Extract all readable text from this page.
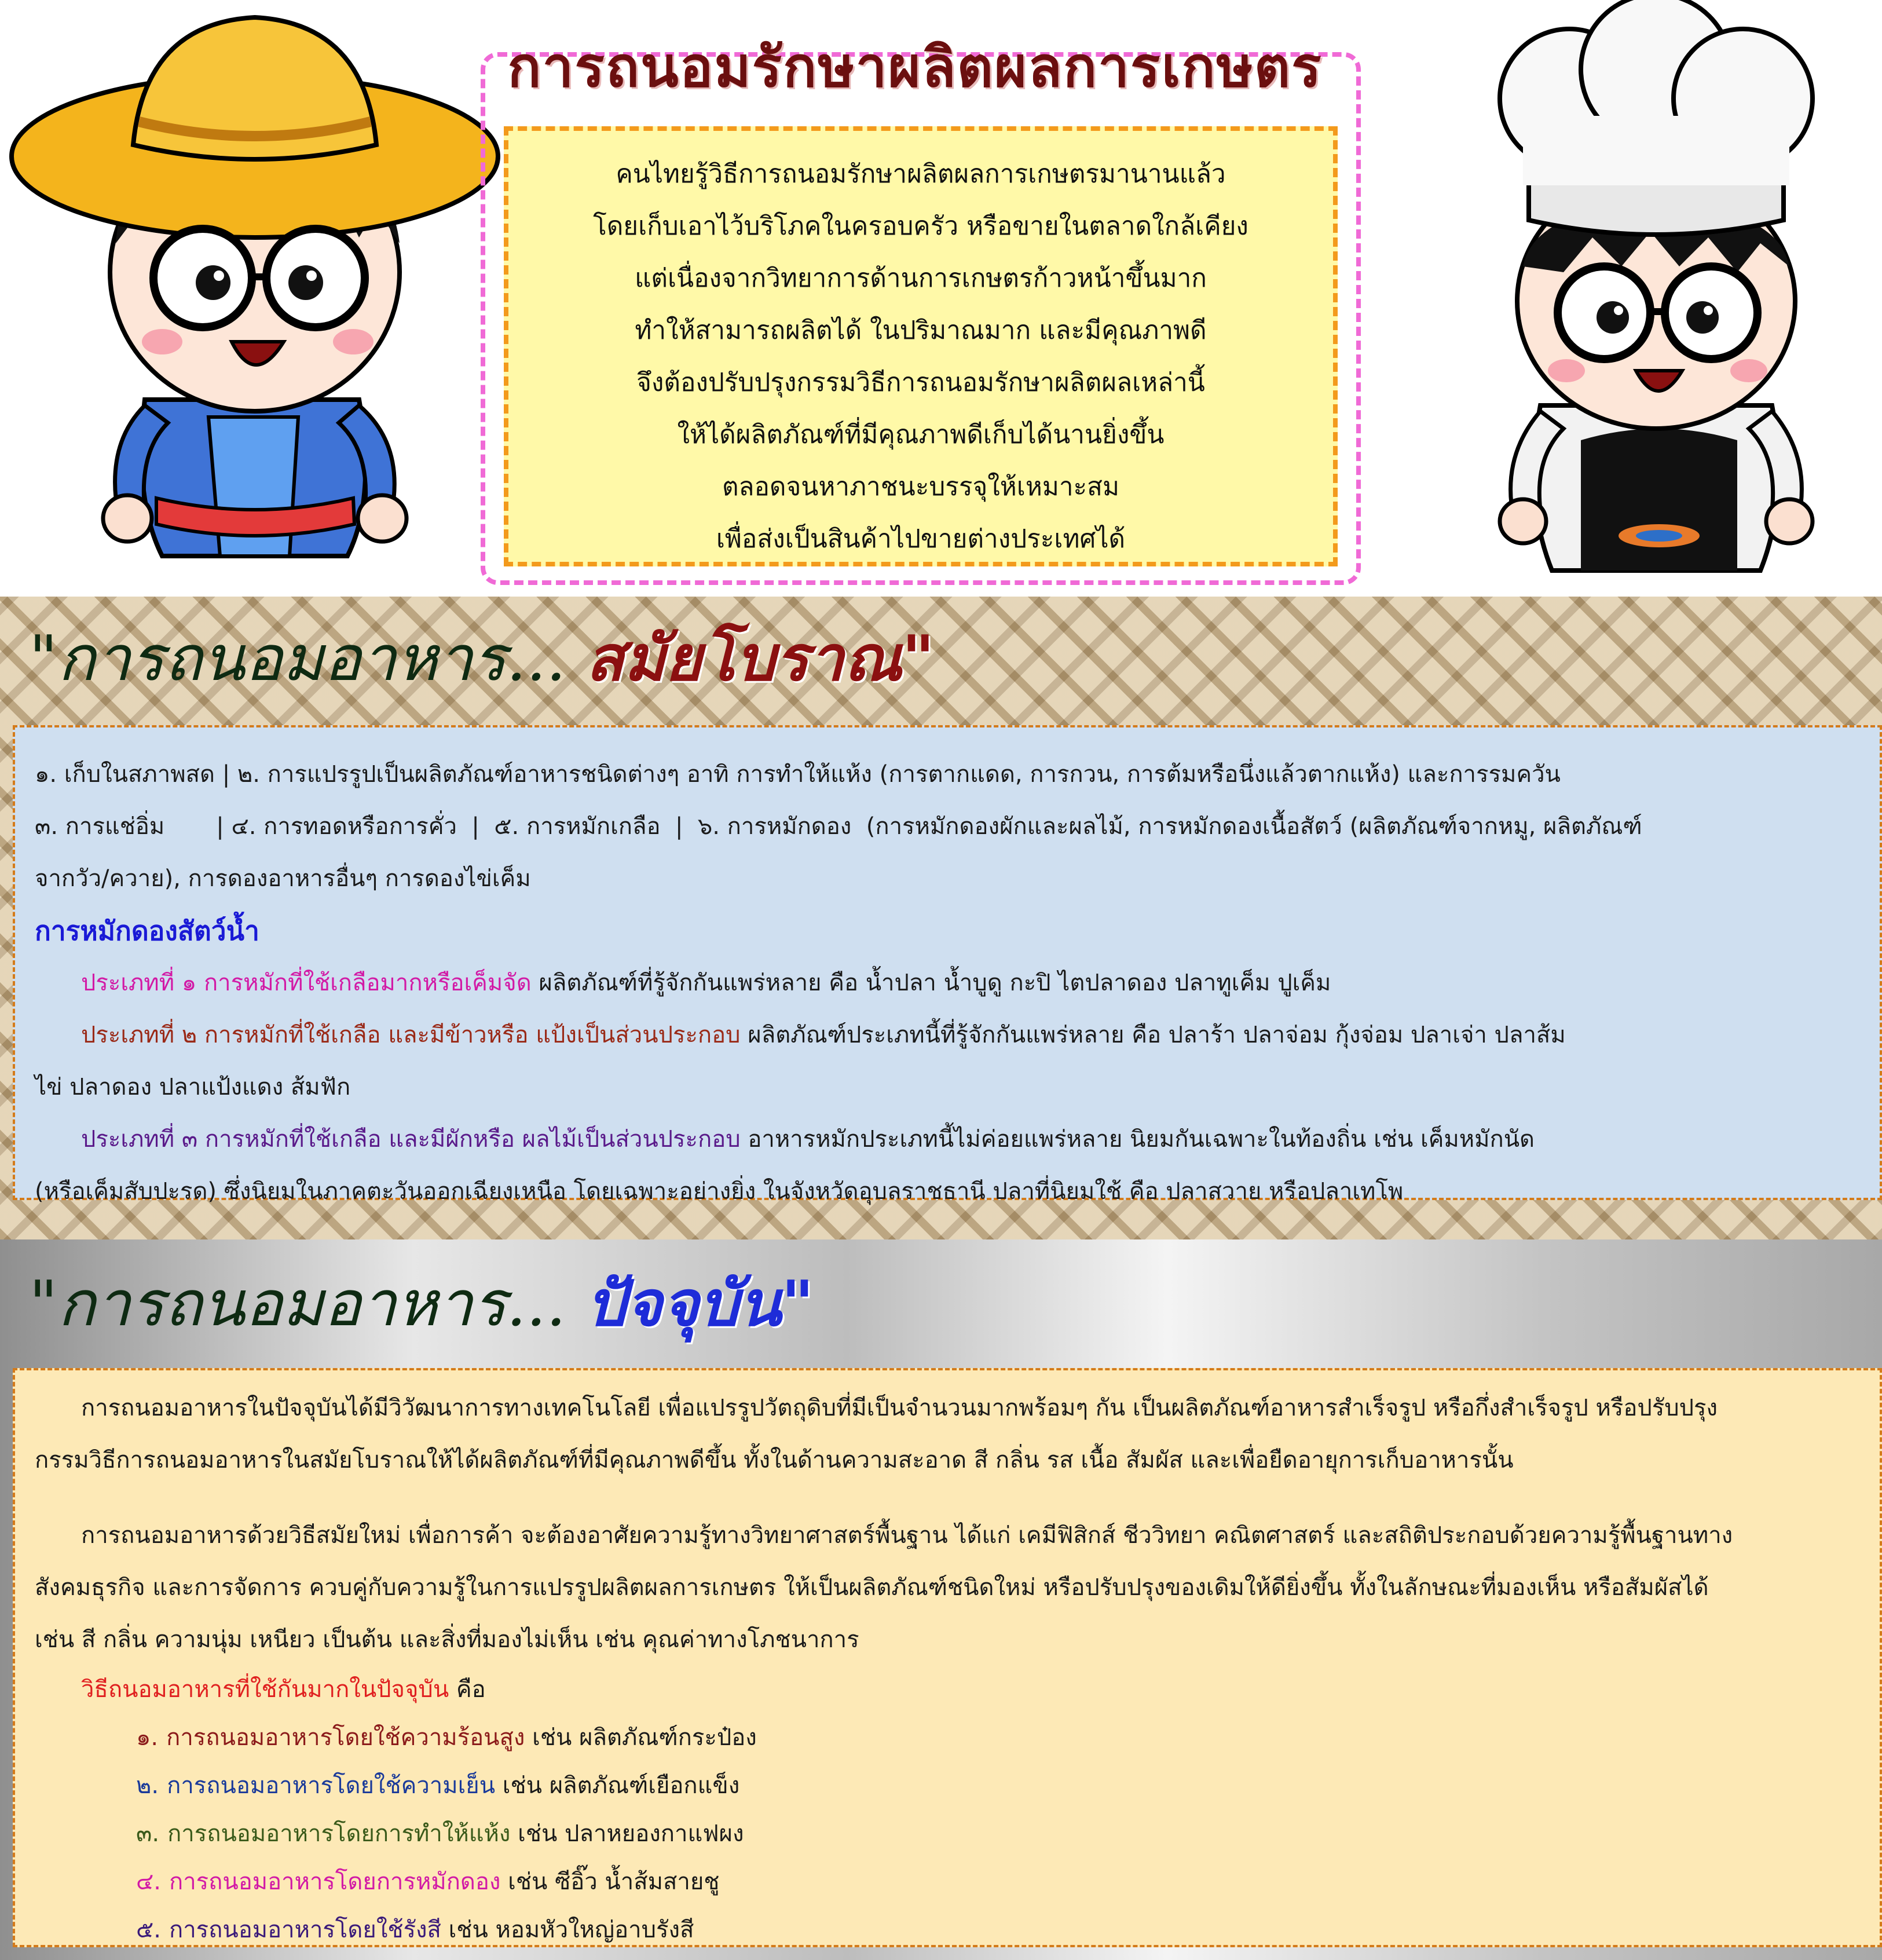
การถนอมรักษาผลิตผลการเกษตร
คนไทยรู้วิธีการถนอมรักษาผลิตผลการเกษตรมานานแล้ว
โดยเก็บเอาไว้บริโภคในครอบครัว หรือขายในตลาดใกล้เคียง
แต่เนื่องจากวิทยาการด้านการเกษตรก้าวหน้าขึ้นมาก
ทำให้สามารถผลิตได้ ในปริมาณมาก และมีคุณภาพดี
จึงต้องปรับปรุงกรรมวิธีการถนอมรักษาผลิตผลเหล่านี้
ให้ได้ผลิตภัณฑ์ที่มีคุณภาพดีเก็บได้นานยิ่งขึ้น
ตลอดจนหาภาชนะบรรจุให้เหมาะสม
เพื่อส่งเป็นสินค้าไปขายต่างประเทศได้
"การถนอมอาหาร... สมัยโบราณ"

๑. เก็บในสภาพสด | ๒. การแปรรูปเป็นผลิตภัณฑ์อาหารชนิดต่างๆ อาทิ การทำให้แห้ง (การตากแดด, การกวน, การต้มหรือนึ่งแล้วตากแห้ง) และการรมควัน

๓. การแช่อิ่ม       | ๔. การทอดหรือการคั่ว  |  ๕. การหมักเกลือ  |  ๖. การหมักดอง  (การหมักดองผักและผลไม้, การหมักดองเนื้อสัตว์ (ผลิตภัณฑ์จากหมู, ผลิตภัณฑ์

จากวัว/ควาย), การดองอาหารอื่นๆ การดองไข่เค็ม

การหมักดองสัตว์น้ำ

ประเภทที่ ๑ การหมักที่ใช้เกลือมากหรือเค็มจัด ผลิตภัณฑ์ที่รู้จักกันแพร่หลาย คือ น้ำปลา น้ำบูดู กะปิ ไตปลาดอง ปลาทูเค็ม ปูเค็ม

ประเภทที่ ๒ การหมักที่ใช้เกลือ และมีข้าวหรือ แป้งเป็นส่วนประกอบ ผลิตภัณฑ์ประเภทนี้ที่รู้จักกันแพร่หลาย คือ ปลาร้า ปลาจ่อม กุ้งจ่อม ปลาเจ่า ปลาส้ม

ไข่ ปลาดอง ปลาแป้งแดง ส้มฟัก

ประเภทที่ ๓ การหมักที่ใช้เกลือ และมีผักหรือ ผลไม้เป็นส่วนประกอบ อาหารหมักประเภทนี้ไม่ค่อยแพร่หลาย นิยมกันเฉพาะในท้องถิ่น เช่น เค็มหมักนัด

(หรือเค็มสับปะรด) ซึ่งนิยมในภาคตะวันออกเฉียงเหนือ โดยเฉพาะอย่างยิ่ง ในจังหวัดอุบลราชธานี ปลาที่นิยมใช้ คือ ปลาสวาย หรือปลาเทโพ

"การถนอมอาหาร... ปัจจุบัน"

การถนอมอาหารในปัจจุบันได้มีวิวัฒนาการทางเทคโนโลยี เพื่อแปรรูปวัตถุดิบที่มีเป็นจำนวนมากพร้อมๆ กัน เป็นผลิตภัณฑ์อาหารสำเร็จรูป หรือกึ่งสำเร็จรูป หรือปรับปรุง

กรรมวิธีการถนอมอาหารในสมัยโบราณให้ได้ผลิตภัณฑ์ที่มีคุณภาพดีขึ้น ทั้งในด้านความสะอาด สี กลิ่น รส เนื้อ สัมผัส และเพื่อยืดอายุการเก็บอาหารนั้น

การถนอมอาหารด้วยวิธีสมัยใหม่ เพื่อการค้า จะต้องอาศัยความรู้ทางวิทยาศาสตร์พื้นฐาน ได้แก่ เคมีฟิสิกส์ ชีววิทยา คณิตศาสตร์ และสถิติประกอบด้วยความรู้พื้นฐานทาง

สังคมธุรกิจ และการจัดการ ควบคู่กับความรู้ในการแปรรูปผลิตผลการเกษตร ให้เป็นผลิตภัณฑ์ชนิดใหม่ หรือปรับปรุงของเดิมให้ดียิ่งขึ้น ทั้งในลักษณะที่มองเห็น หรือสัมผัสได้

เช่น สี กลิ่น ความนุ่ม เหนียว เป็นต้น และสิ่งที่มองไม่เห็น เช่น คุณค่าทางโภชนาการ

วิธีถนอมอาหารที่ใช้กันมากในปัจจุบัน คือ

๑. การถนอมอาหารโดยใช้ความร้อนสูง เช่น ผลิตภัณฑ์กระป๋อง
๒. การถนอมอาหารโดยใช้ความเย็น เช่น ผลิตภัณฑ์เยือกแข็ง
๓. การถนอมอาหารโดยการทำให้แห้ง เช่น ปลาหยองกาแฟผง
๔. การถนอมอาหารโดยการหมักดอง เช่น ซีอิ๊ว น้ำส้มสายชู
๕. การถนอมอาหารโดยใช้รังสี เช่น หอมหัวใหญ่อาบรังสี
